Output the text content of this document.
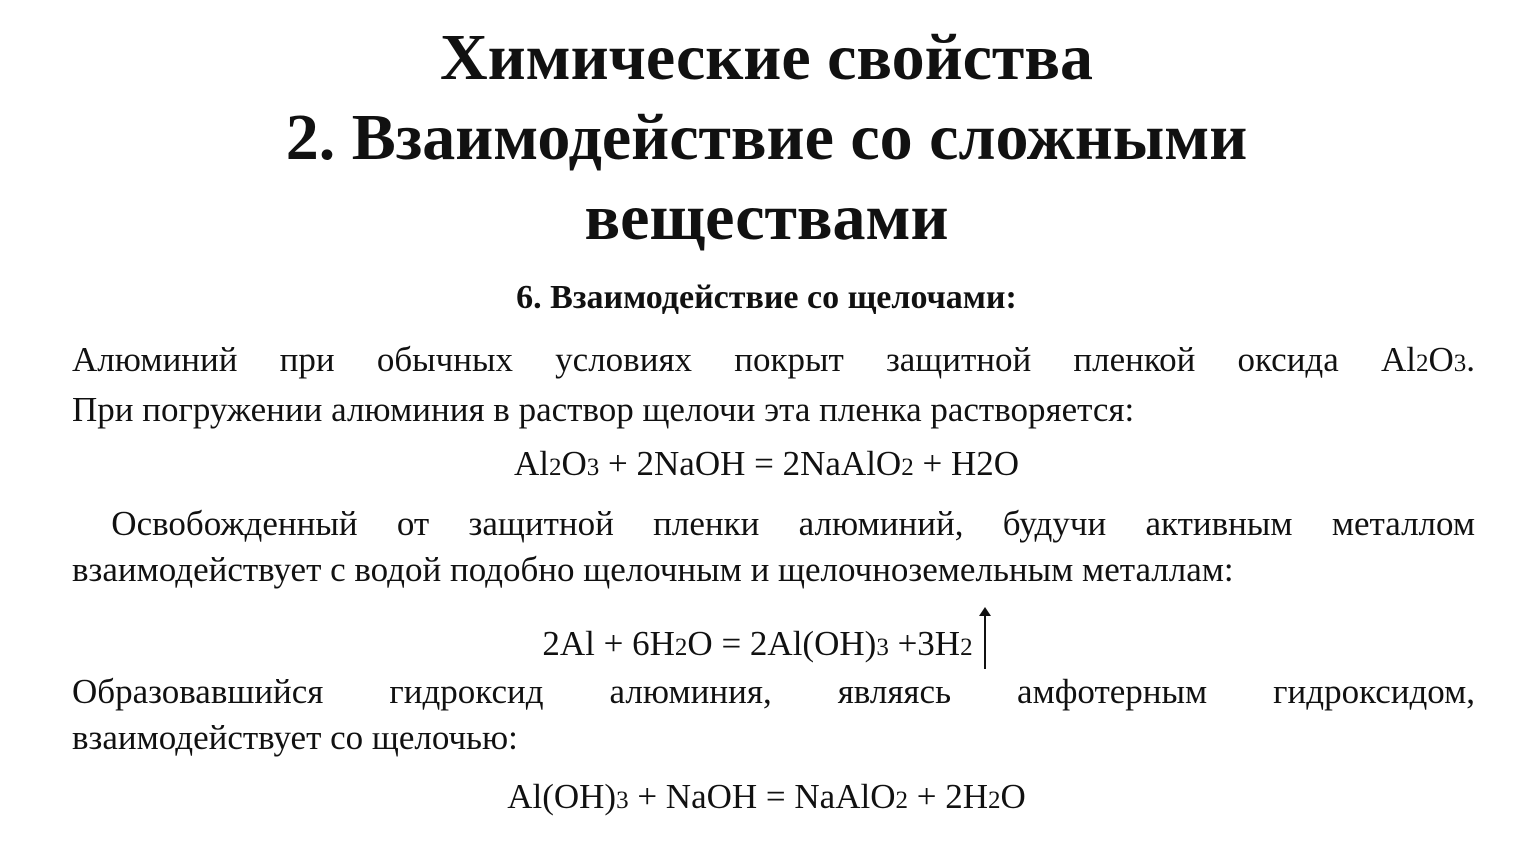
Химические свойства
2. Взаимодействие со сложными
веществами

6. Взаимодействие со щелочами:

Алюминий при обычных условиях покрыт защитной пленкой оксида Al2O3.
При погружении алюминия в раствор щелочи эта пленка растворяется:

Al2O3 + 2NaOH = 2NaAlO2 + H2O

Освобожденный от защитной пленки алюминий, будучи активным металлом
взаимодействует с водой подобно щелочным и щелочноземельным металлам:

2Al + 6H2O = 2Al(OH)3 +3H2

Образовавшийся гидроксид алюминия, являясь амфотерным гидроксидом,
взаимодействует со щелочью:

Al(OH)3 + NaOH = NaAlO2 + 2H2O
